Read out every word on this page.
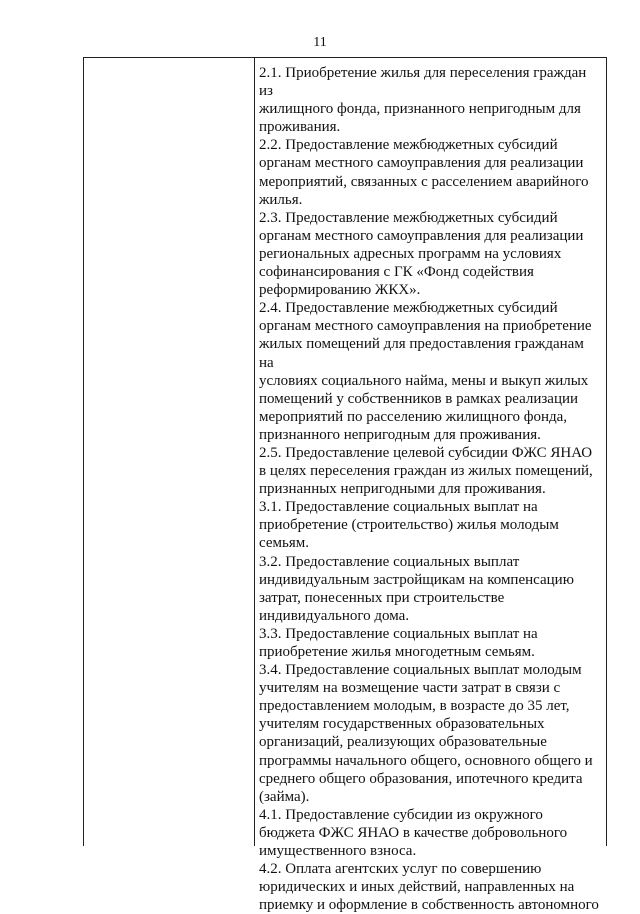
11

2.1. Приобретение жилья для переселения граждан из

жилищного фонда, признанного непригодным для

проживания.

2.2. Предоставление межбюджетных субсидий

органам местного самоуправления для реализации

мероприятий, связанных с расселением аварийного

жилья.

2.3. Предоставление межбюджетных субсидий

органам местного самоуправления для реализации

региональных адресных программ на условиях

софинансирования с ГК «Фонд содействия

реформированию ЖКХ».

2.4. Предоставление межбюджетных субсидий

органам местного самоуправления на приобретение

жилых помещений для предоставления гражданам на

условиях социального найма, мены и выкуп жилых

помещений у собственников в рамках реализации

мероприятий по расселению жилищного фонда,

признанного непригодным для проживания.

2.5. Предоставление целевой субсидии ФЖС ЯНАО

в целях переселения граждан из жилых помещений,

признанных непригодными для проживания.

3.1. Предоставление социальных выплат на

приобретение (строительство) жилья молодым

семьям.

3.2. Предоставление социальных выплат

индивидуальным застройщикам на компенсацию

затрат, понесенных при строительстве

индивидуального дома.

3.3. Предоставление социальных выплат на

приобретение жилья многодетным семьям.

3.4. Предоставление социальных выплат молодым

учителям на возмещение части затрат в связи с

предоставлением молодым, в возрасте до 35 лет,

учителям государственных образовательных

организаций, реализующих образовательные

программы начального общего, основного общего и

среднего общего образования, ипотечного кредита

(займа).

4.1. Предоставление субсидии из окружного

бюджета ФЖС ЯНАО в качестве добровольного

имущественного взноса.

4.2. Оплата агентских услуг по совершению

юридических и иных действий, направленных на

приемку и оформление в собственность автономного
